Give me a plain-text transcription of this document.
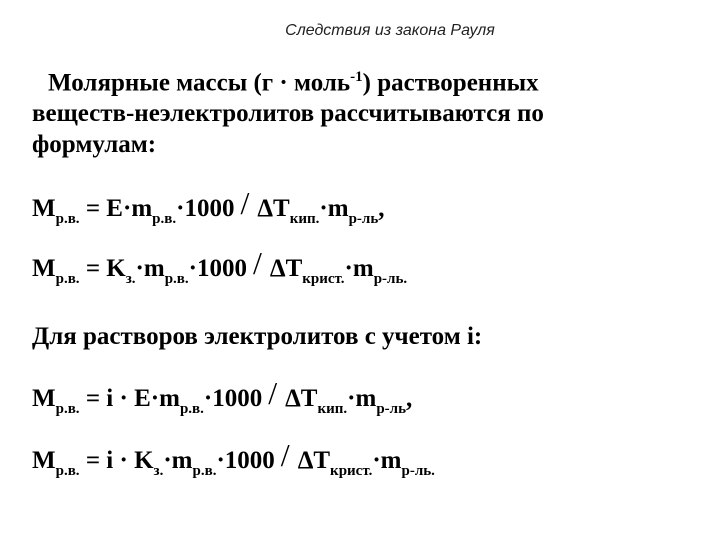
Следствия из закона Рауля
Молярные массы (г · моль$^{-1}$) растворенных
веществ-неэлектролитов рассчитываются по
формулам:
$M_{р.в.} = E\cdot m_{р.в.}\cdot 1000 / \Delta T_{кип.}\cdot m_{р-ль}$,
$M_{р.в.} = K_{з.}\cdot m_{р.в.}\cdot 1000 / \Delta T_{крист.}\cdot m_{р-ль.}$
Для растворов электролитов с учетом i:
$M_{р.в.} = i \cdot E\cdot m_{р.в.}\cdot 1000 / \Delta T_{кип.}\cdot m_{р-ль}$,
$M_{р.в.} = i \cdot K_{з.}\cdot m_{р.в.}\cdot 1000 / \Delta T_{крист.}\cdot m_{р-ль.}$
